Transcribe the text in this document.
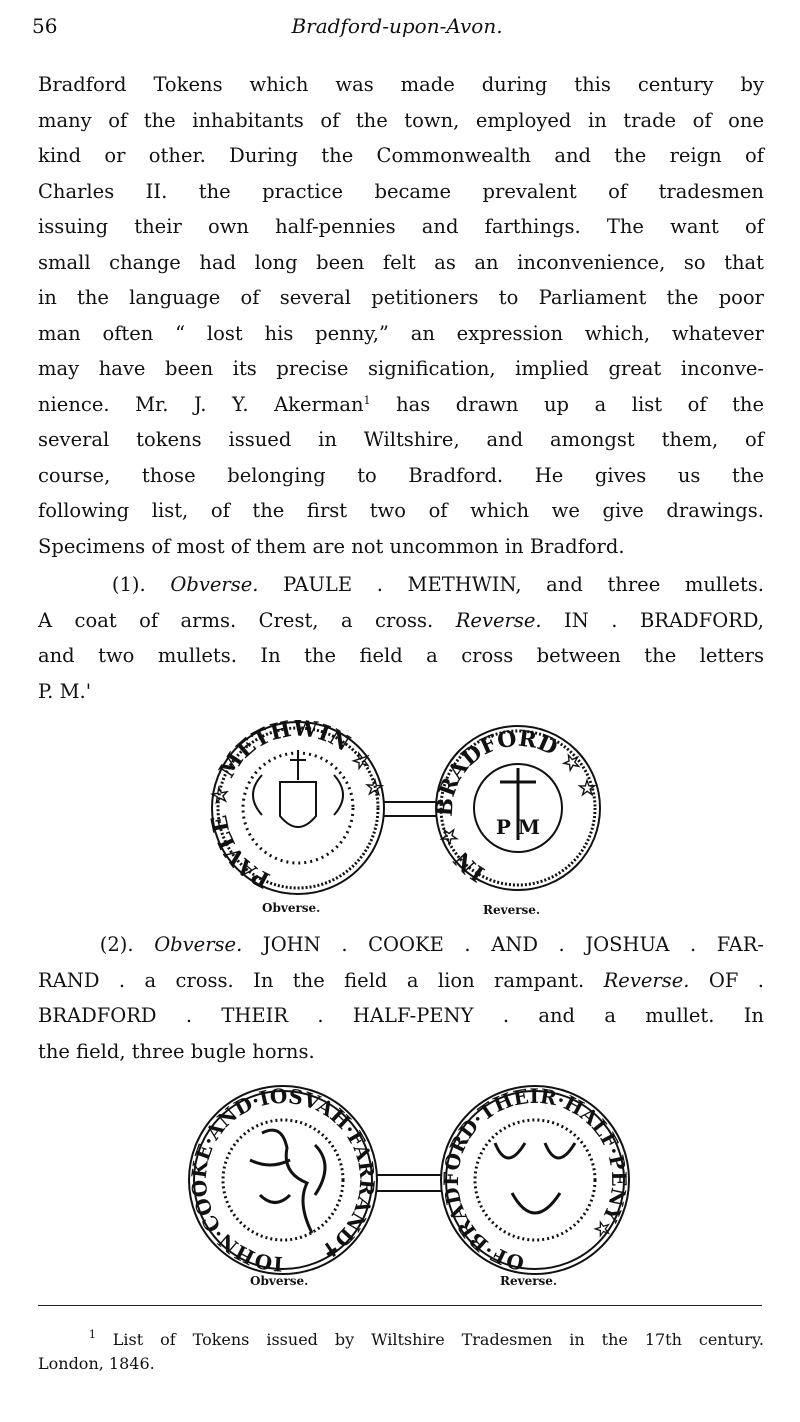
56	Bradford-upon-Avon.
Bradford Tokens which was made during this century by
many of the inhabitants of the town, employed in trade of one
kind or other. During the Commonwealth and the reign of
Charles II. the practice became prevalent of tradesmen
issuing their own half-pennies and farthings. The want of
small change had long been felt as an inconvenience, so that
in the language of several petitioners to Parliament the poor
man often “ lost his penny,” an expression which, whatever
may have been its precise signification, implied great inconve-
nience. Mr. J. Y. Akerman$^1$ has drawn up a list of the
several tokens issued in Wiltshire, and amongst them, of
course, those belonging to Bradford. He gives us the
following list, of the first two of which we give drawings.
Specimens of most of them are not uncommon in Bradford.
(1). Obverse. PAULE . METHWIN, and three mullets.
A coat of arms. Crest, a cross. Reverse. IN . BRADFORD,
and two mullets. In the field a cross between the letters
P. M.'
PAVLE ☆ METHWIN ☆ ☆
P M
IN ☆ BRADFORD ☆ ☆
Obverse.	Reverse.
(2). Obverse. JOHN . COOKE . AND . JOSHUA . FAR-
RAND . a cross. In the field a lion rampant. Reverse. OF .
BRADFORD . THEIR . HALF-PENY . and a mullet. In
the field, three bugle horns.
IOHN·COOKE·AND·IOSVAH·FARRAND✝	OF·BRADFORD·THEIR·HALF·PENY☆
Obverse.	Reverse.
$^1$ List of Tokens issued by Wiltshire Tradesmen in the 17th century.
London, 1846.
